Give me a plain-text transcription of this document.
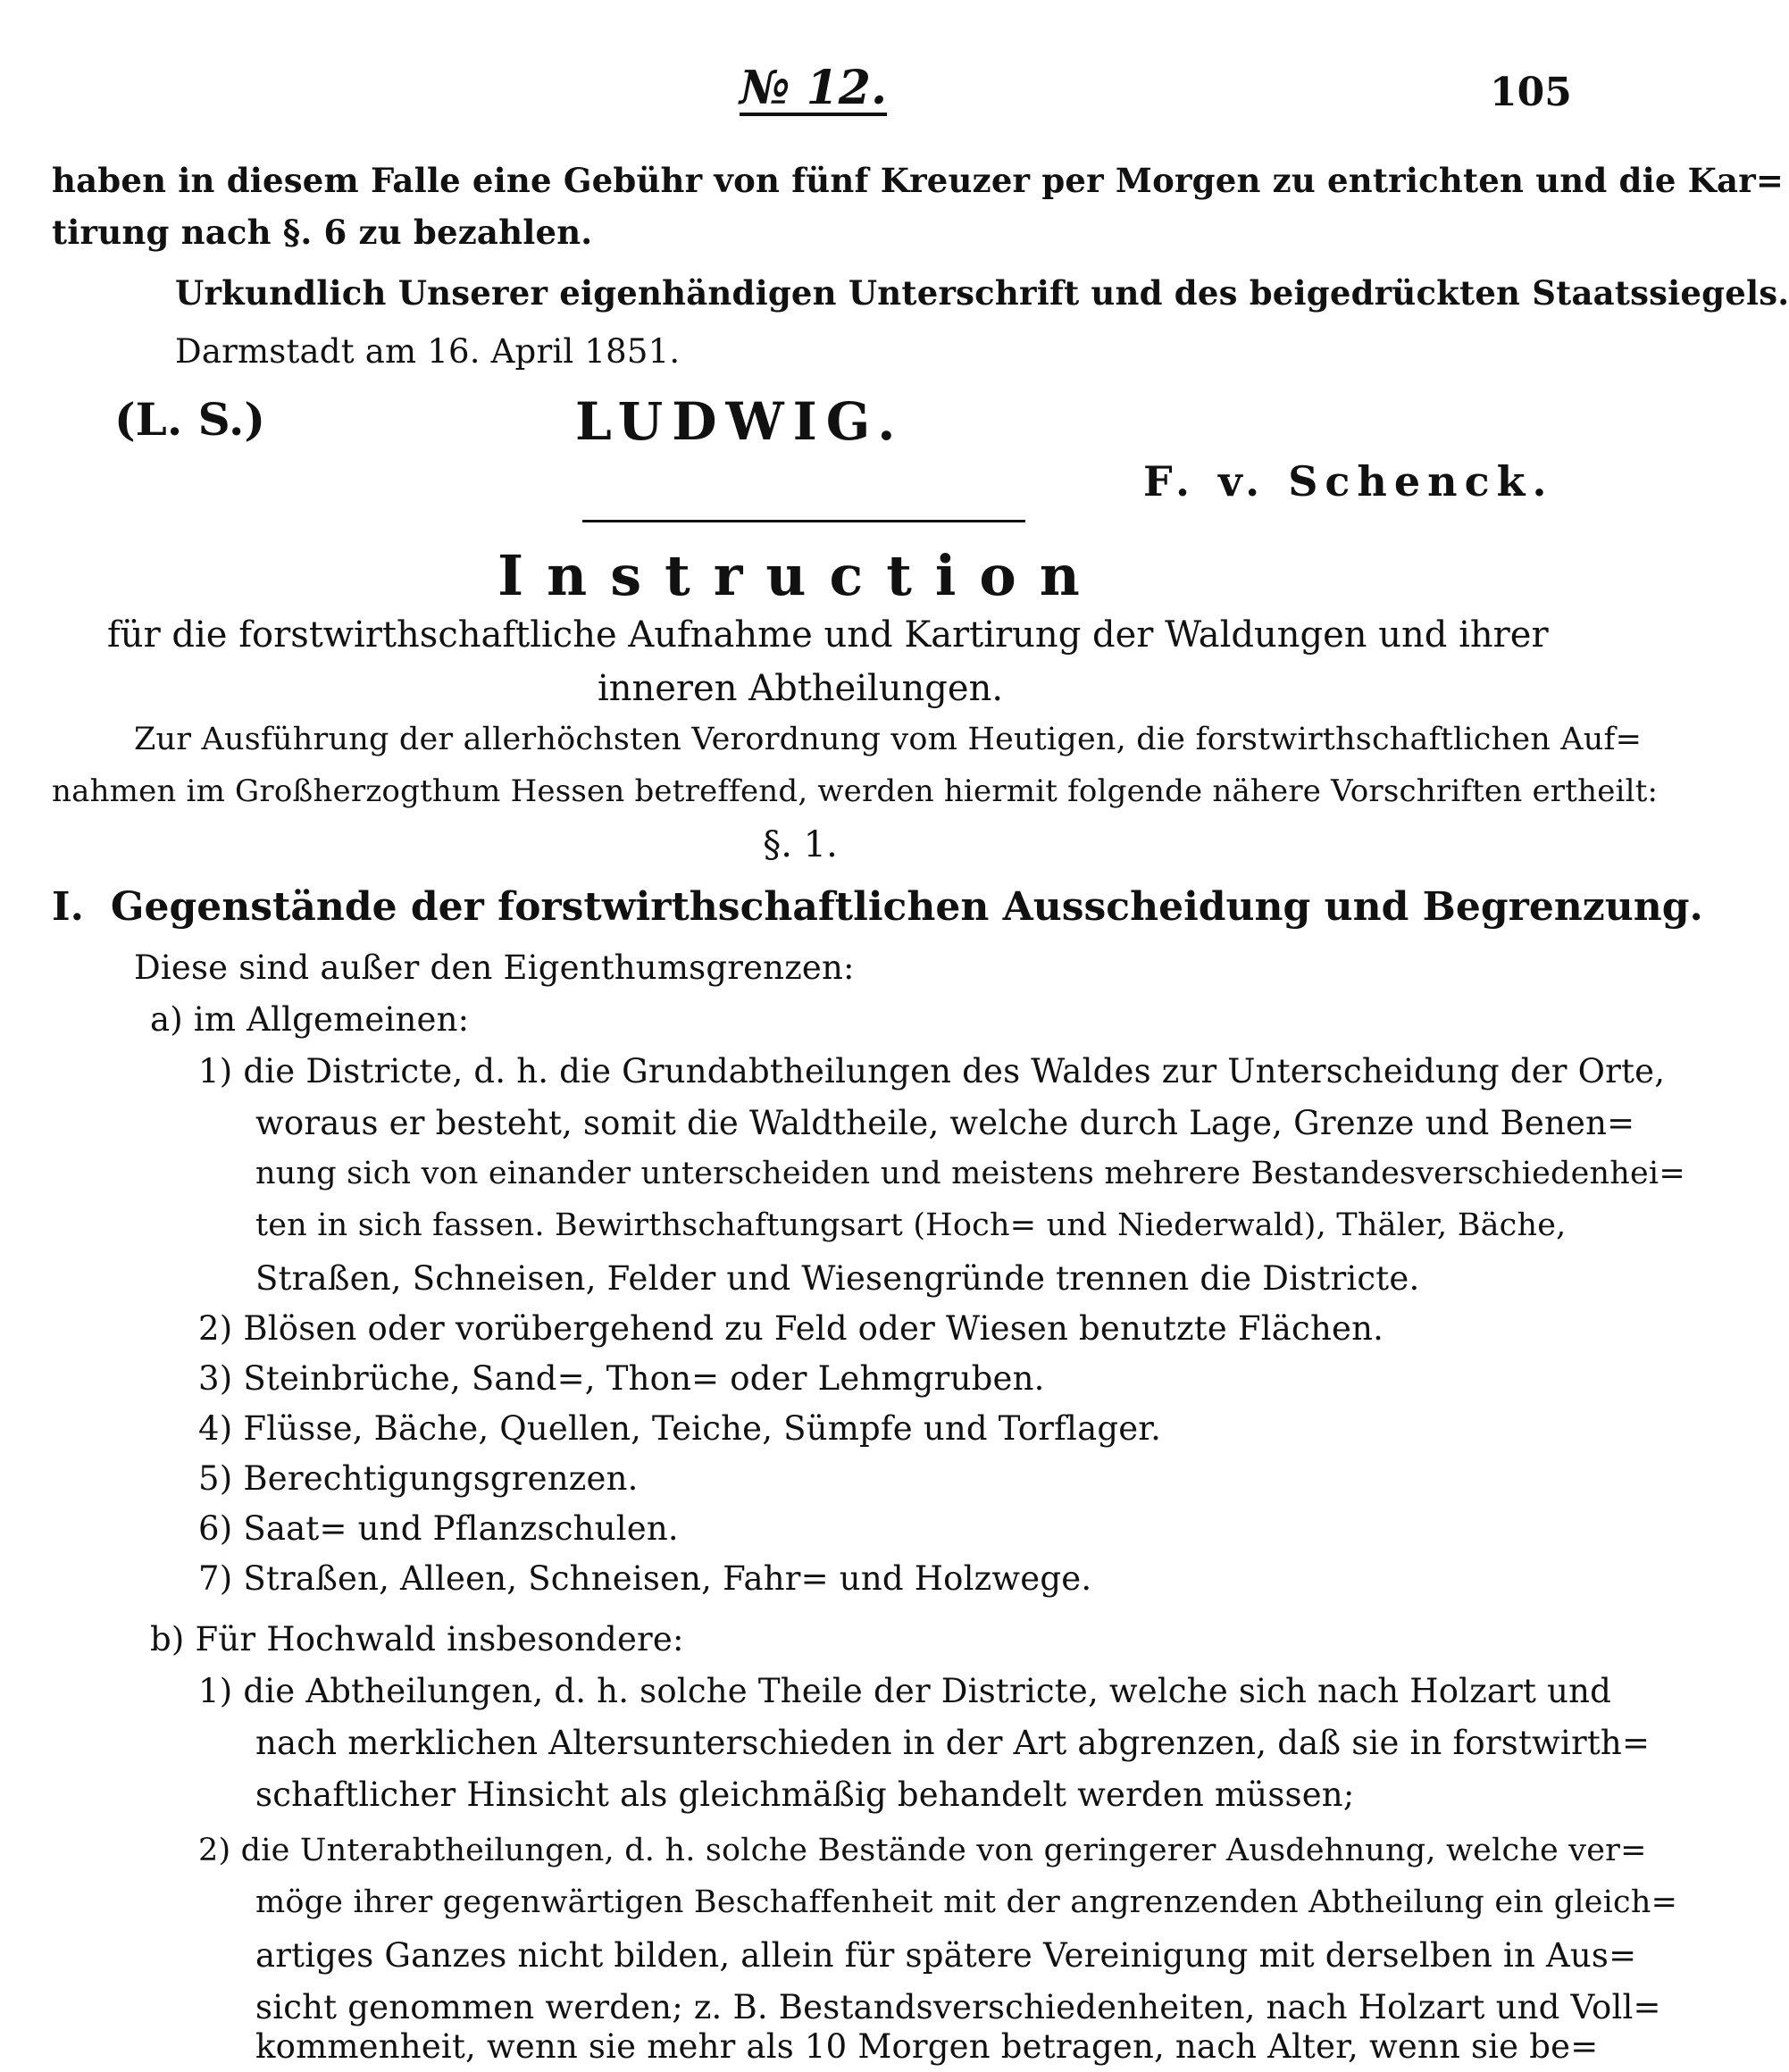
№ 12.	105
haben in diesem Falle eine Gebühr von fünf Kreuzer per Morgen zu entrichten und die Kar=
tirung nach §. 6 zu bezahlen.
Urkundlich Unserer eigenhändigen Unterschrift und des beigedrückten Staatssiegels.
Darmstadt am 16. April 1851.
(L. S.)	LUDWIG.
F. v. Schenck.
Instruction
für die forstwirthschaftliche Aufnahme und Kartirung der Waldungen und ihrer
inneren Abtheilungen.
Zur Ausführung der allerhöchsten Verordnung vom Heutigen, die forstwirthschaftlichen Auf=
nahmen im Großherzogthum Hessen betreffend, werden hiermit folgende nähere Vorschriften ertheilt:
§. 1.
I. Gegenstände der forstwirthschaftlichen Ausscheidung und Begrenzung.
Diese sind außer den Eigenthumsgrenzen:
a) im Allgemeinen:
1) die Districte, d. h. die Grundabtheilungen des Waldes zur Unterscheidung der Orte,
woraus er besteht, somit die Waldtheile, welche durch Lage, Grenze und Benen=
nung sich von einander unterscheiden und meistens mehrere Bestandesverschiedenhei=
ten in sich fassen. Bewirthschaftungsart (Hoch= und Niederwald), Thäler, Bäche,
Straßen, Schneisen, Felder und Wiesengründe trennen die Districte.
2) Blösen oder vorübergehend zu Feld oder Wiesen benutzte Flächen.
3) Steinbrüche, Sand=, Thon= oder Lehmgruben.
4) Flüsse, Bäche, Quellen, Teiche, Sümpfe und Torflager.
5) Berechtigungsgrenzen.
6) Saat= und Pflanzschulen.
7) Straßen, Alleen, Schneisen, Fahr= und Holzwege.
b) Für Hochwald insbesondere:
1) die Abtheilungen, d. h. solche Theile der Districte, welche sich nach Holzart und
nach merklichen Altersunterschieden in der Art abgrenzen, daß sie in forstwirth=
schaftlicher Hinsicht als gleichmäßig behandelt werden müssen;
2) die Unterabtheilungen, d. h. solche Bestände von geringerer Ausdehnung, welche ver=
möge ihrer gegenwärtigen Beschaffenheit mit der angrenzenden Abtheilung ein gleich=
artiges Ganzes nicht bilden, allein für spätere Vereinigung mit derselben in Aus=
sicht genommen werden; z. B. Bestandsverschiedenheiten, nach Holzart und Voll=
kommenheit, wenn sie mehr als 10 Morgen betragen, nach Alter, wenn sie be=
